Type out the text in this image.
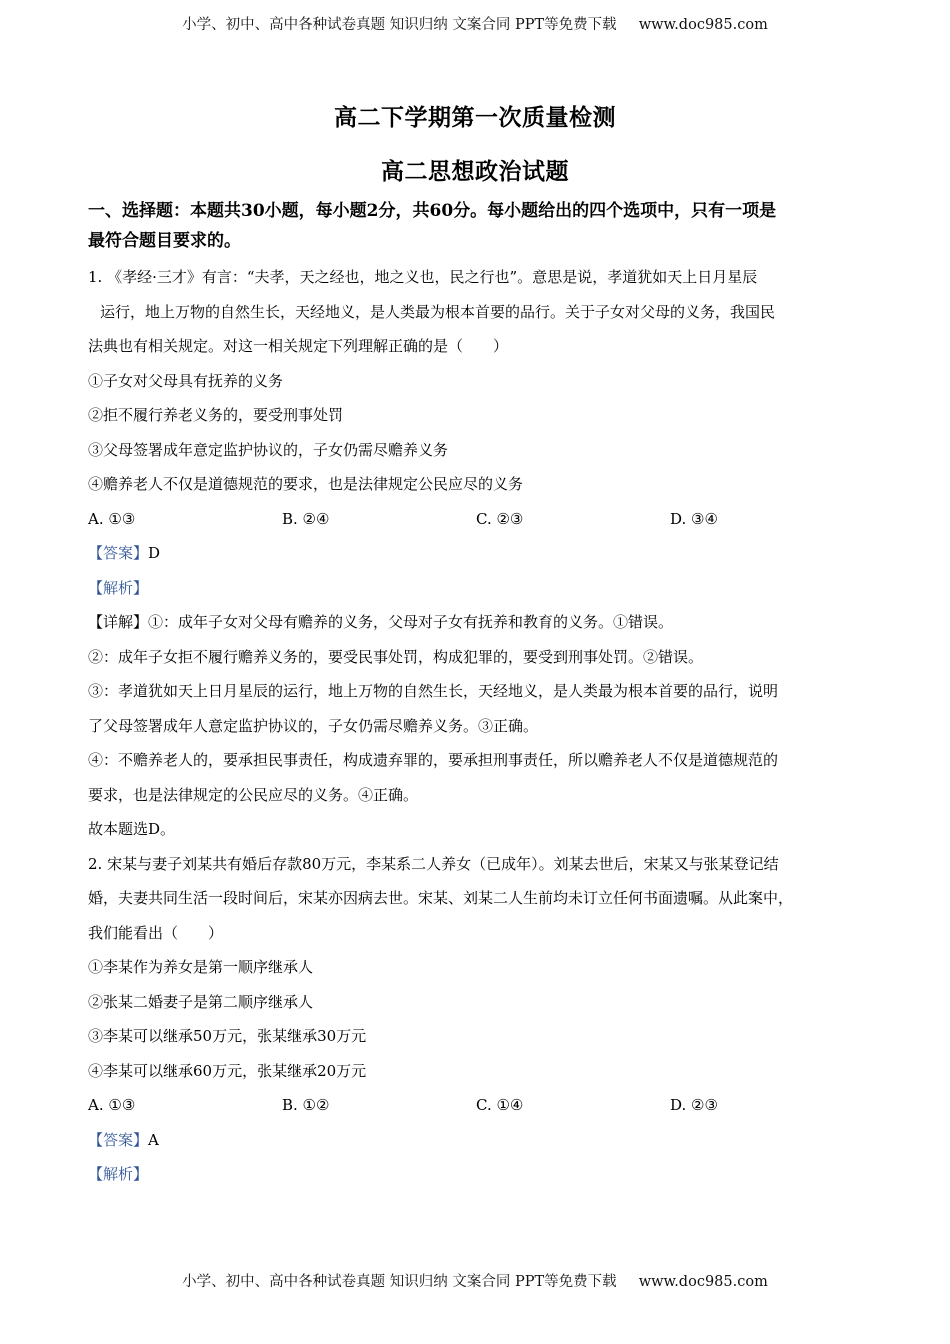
小学、初中、高中各种试卷真题 知识归纳 文案合同 PPT等免费下载 www.doc985.com
高二下学期第一次质量检测
高二思想政治试题

一、选择题：本题共30小题，每小题2分，共60分。每小题给出的四个选项中，只有一项是

最符合题目要求的。

1. 《孝经·三才》有言：“夫孝，天之经也，地之义也，民之行也”。意思是说，孝道犹如天上日月星辰

运行，地上万物的自然生长，天经地义，是人类最为根本首要的品行。关于子女对父母的义务，我国民

法典也有相关规定。对这一相关规定下列理解正确的是（　　）

①子女对父母具有抚养的义务

②拒不履行养老义务的，要受刑事处罚

③父母签署成年意定监护协议的，子女仍需尽赡养义务

④赡养老人不仅是道德规范的要求，也是法律规定公民应尽的义务

A. ①③	B. ②④	C. ②③	D. ③④

【答案】D

【解析】

【详解】①：成年子女对父母有赡养的义务，父母对子女有抚养和教育的义务。①错误。

②：成年子女拒不履行赡养义务的，要受民事处罚，构成犯罪的，要受到刑事处罚。②错误。

③：孝道犹如天上日月星辰的运行，地上万物的自然生长，天经地义，是人类最为根本首要的品行，说明

了父母签署成年人意定监护协议的，子女仍需尽赡养义务。③正确。

④：不赡养老人的，要承担民事责任，构成遗弃罪的，要承担刑事责任，所以赡养老人不仅是道德规范的

要求，也是法律规定的公民应尽的义务。④正确。

故本题选D。

2. 宋某与妻子刘某共有婚后存款80万元，李某系二人养女（已成年）。刘某去世后，宋某又与张某登记结

婚，夫妻共同生活一段时间后，宋某亦因病去世。宋某、刘某二人生前均未订立任何书面遗嘱。从此案中，

我们能看出（　　）

①李某作为养女是第一顺序继承人

②张某二婚妻子是第二顺序继承人

③李某可以继承50万元，张某继承30万元

④李某可以继承60万元，张某继承20万元

A. ①③	B. ①②	C. ①④	D. ②③

【答案】A

【解析】

小学、初中、高中各种试卷真题 知识归纳 文案合同 PPT等免费下载 www.doc985.com
